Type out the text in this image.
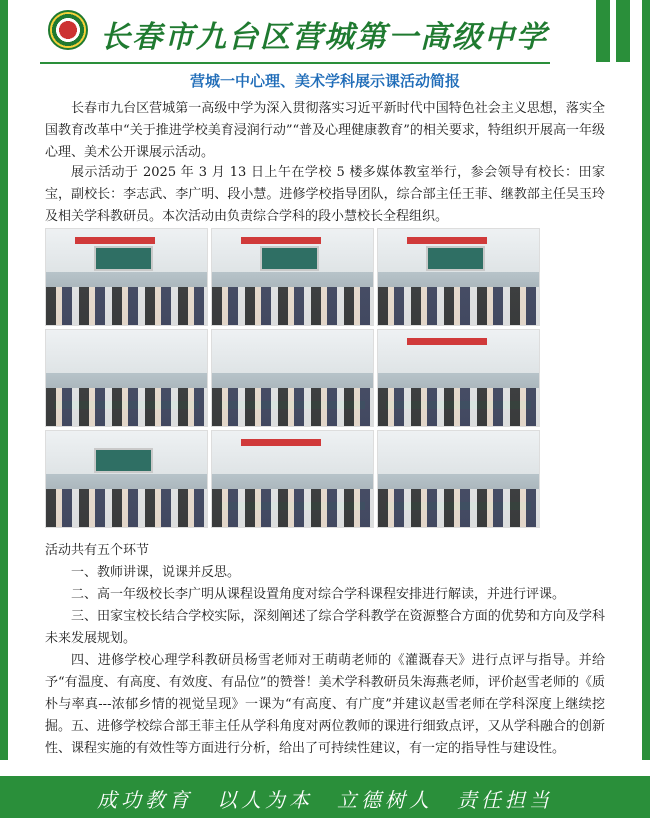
长春市九台区营城第一高级中学
营城一中心理、美术学科展示课活动简报

长春市九台区营城第一高级中学为深入贯彻落实习近平新时代中国特色社会主义思想，落实全国教育改革中“关于推进学校美育浸润行动”“普及心理健康教育”的相关要求，特组织开展高一年级心理、美术公开课展示活动。

展示活动于 2025 年 3 月 13 日上午在学校 5 楼多媒体教室举行，参会领导有校长：田家宝，副校长：李志武、李广明、段小慧。进修学校指导团队，综合部主任王菲、继教部主任吴玉玲及相关学科教研员。本次活动由负责综合学科的段小慧校长全程组织。

活动共有五个环节

一、教师讲课，说课并反思。

二、高一年级校长李广明从课程设置角度对综合学科课程安排进行解读，并进行评课。

三、田家宝校长结合学校实际，深刻阐述了综合学科教学在资源整合方面的优势和方向及学科未来发展规划。

四、进修学校心理学科教研员杨雪老师对王萌萌老师的《灌溉春天》进行点评与指导。并给予“有温度、有高度、有效度、有品位”的赞誉！美术学科教研员朱海燕老师，评价赵雪老师的《质朴与率真---浓郁乡情的视觉呈现》一课为“有高度、有广度”并建议赵雪老师在学科深度上继续挖掘。 五、进修学校综合部王菲主任从学科角度对两位教师的课进行细致点评，又从学科融合的创新性、课程实施的有效性等方面进行分析，给出了可持续性建议，有一定的指导性与建设性。

成功教育　以人为本　立德树人　责任担当
